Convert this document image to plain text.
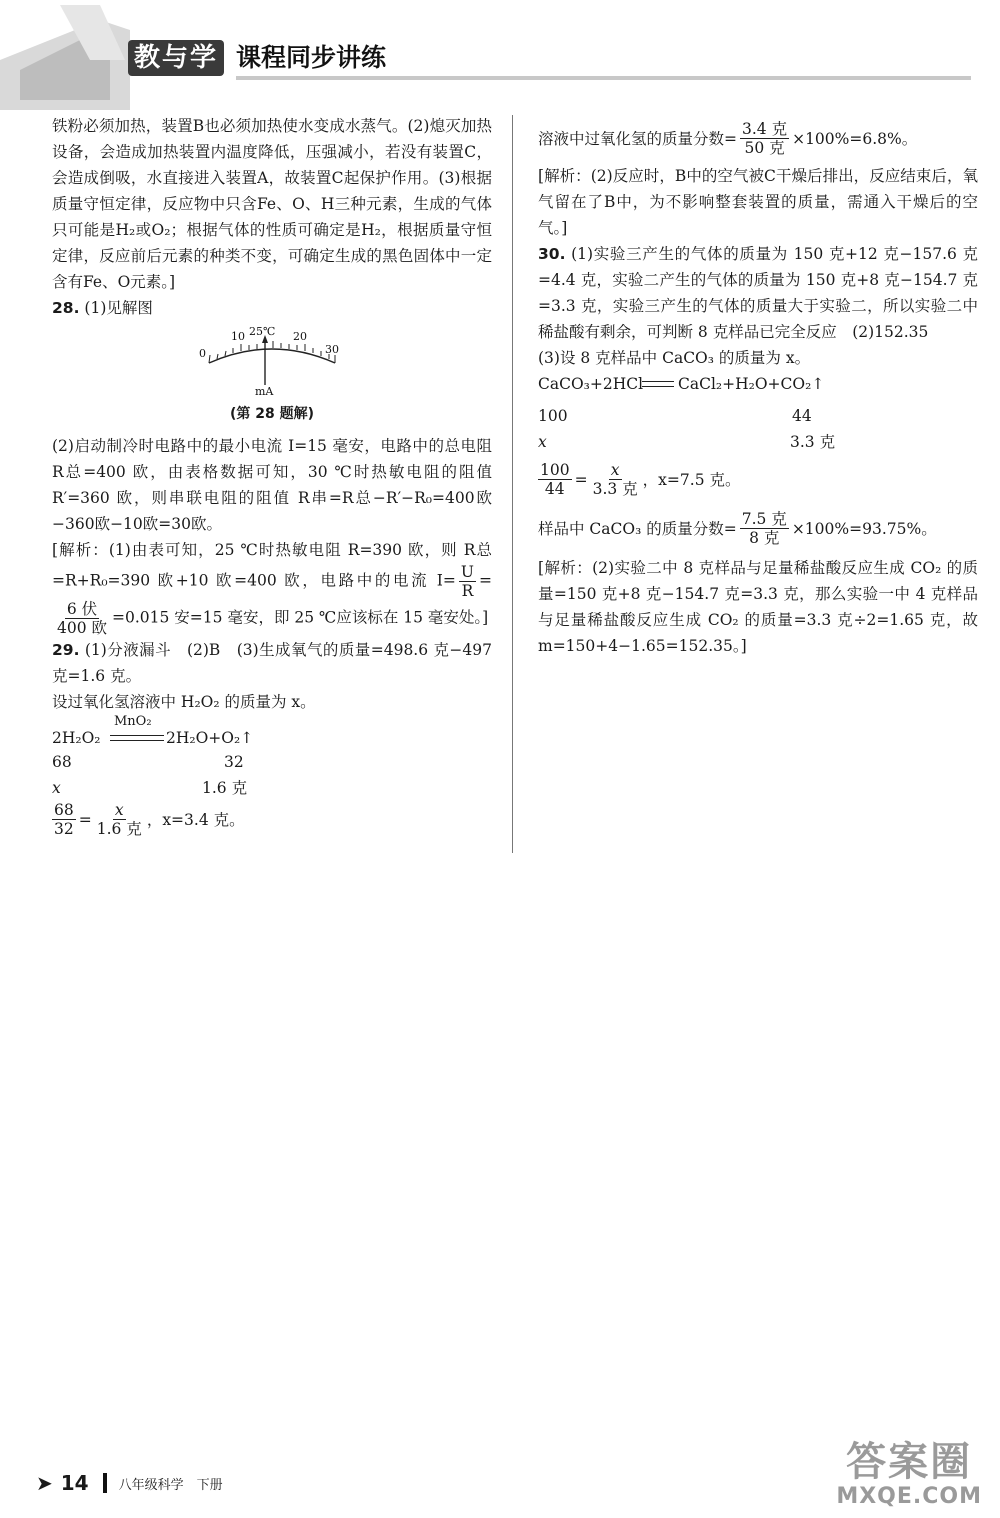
教与学 课程同步讲练

铁粉必须加热，装置B也必须加热使水变成水蒸气。(2)熄灭加热设备，会造成加热装置内温度降低，压强减小，若没有装置C，会造成倒吸，水直接进入装置A，故装置C起保护作用。(3)根据质量守恒定律，反应物中只含Fe、O、H三种元素，生成的气体只可能是H₂或O₂；根据气体的性质可确定是H₂，根据质量守恒定律，反应前后元素的种类不变，可确定生成的黑色固体中一定含有Fe、O元素。]

28. (1)见解图

0
10 25℃ 20
30
mA
(第 28 题解)

(2)启动制冷时电路中的最小电流 I=15 毫安，电路中的总电阻 R总=400 欧，由表格数据可知，30 ℃时热敏电阻的阻值 R′=360 欧，则串联电阻的阻值 R串=R总−R′−R₀=400欧−360欧−10欧=30欧。

[解析：(1)由表可知，25 ℃时热敏电阻 R=390 欧，则 R总=R+R₀=390 欧+10 欧=400 欧，电路中的电流 $I= \frac{U}{R}$ =
$\frac{\text{6 伏}}{\text{400 欧}} =0.015$ 安=15 毫安，即 25 ℃应该标在 15 毫安处。]

29. (1)分液漏斗　(2)B　(3)生成氧气的质量=498.6 克−497 克=1.6 克。

设过氧化氢溶液中 H₂O₂ 的质量为 x。

2H₂O₂
MnO₂
2H₂O+O₂↑
68	32
x	1.6 克
$\frac{68}{32} = \frac{x}{\text{1.6 克}}$ ，x=3.4 克。
溶液中过氧化氢的质量分数= $\frac{\text{3.4 克}}{\text{50 克}} \times 100\%=6.8\%$。

[解析：(2)反应时，B中的空气被C干燥后排出，反应结束后，氧气留在了B中，为不影响整套装置的质量，需通入干燥后的空气。]

30. (1)实验三产生的气体的质量为 150 克+12 克−157.6 克=4.4 克，实验二产生的气体的质量为 150 克+8 克−154.7 克=3.3 克，实验三产生的气体的质量大于实验二，所以实验二中稀盐酸有剩余，可判断 8 克样品已完全反应　(2)152.35

(3)设 8 克样品中 CaCO₃ 的质量为 x。

CaCO₃+2HCl CaCl₂+H₂O+CO₂↑
100	44
x	3.3 克
$\frac{100}{44} = \frac{x}{\text{3.3 克}}$ ，x=7.5 克。
样品中 CaCO₃ 的质量分数= $\frac{\text{7.5 克}}{\text{8 克}} \times 100\%=93.75\%$。

[解析：(2)实验二中 8 克样品与足量稀盐酸反应生成 CO₂ 的质量=150 克+8 克−154.7 克=3.3 克，那么实验一中 4 克样品与足量稀盐酸反应生成 CO₂ 的质量=3.3 克÷2=1.65 克，故 m=150+4−1.65=152.35。]

➤ 14 八年级科学　下册	答案圈
MXQE.COM
